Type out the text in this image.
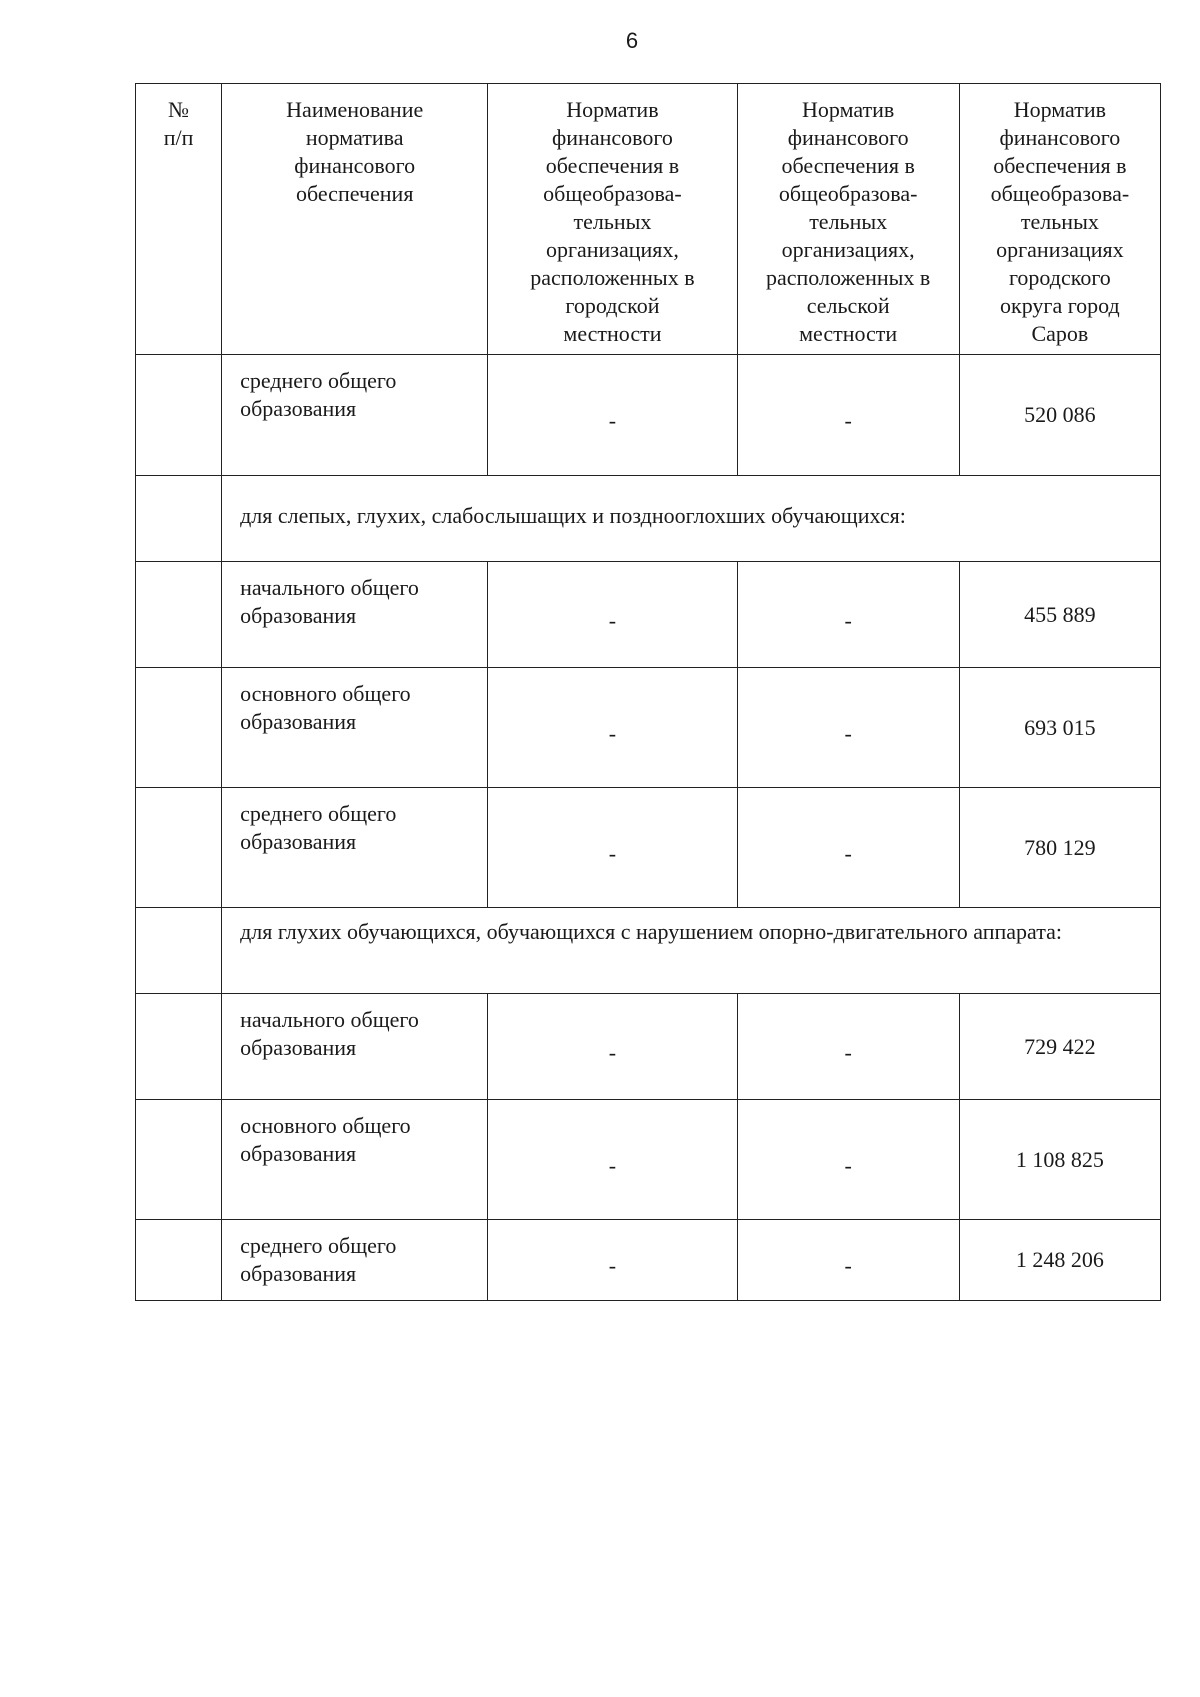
6
№ п/п	Наименование норматива финансового обеспечения	Норматив финансового обеспечения в общеобразова-тельных организациях, расположенных в городской местности	Норматив финансового обеспечения в общеобразова-тельных организациях, расположенных в сельской местности	Норматив финансового обеспечения в общеобразова-тельных организациях городского округа город Саров
	среднего общего образования	-	-	520 086
	для слепых, глухих, слабослышащих и позднооглохших обучающихся:			
	начального общего образования	-	-	455 889
	основного общего образования	-	-	693 015
	среднего общего образования	-	-	780 129
	для глухих обучающихся, обучающихся с нарушением опорно-двигательного аппарата:			
	начального общего образования	-	-	729 422
	основного общего образования	-	-	1 108 825
	среднего общего образования	-	-	1 248 206
